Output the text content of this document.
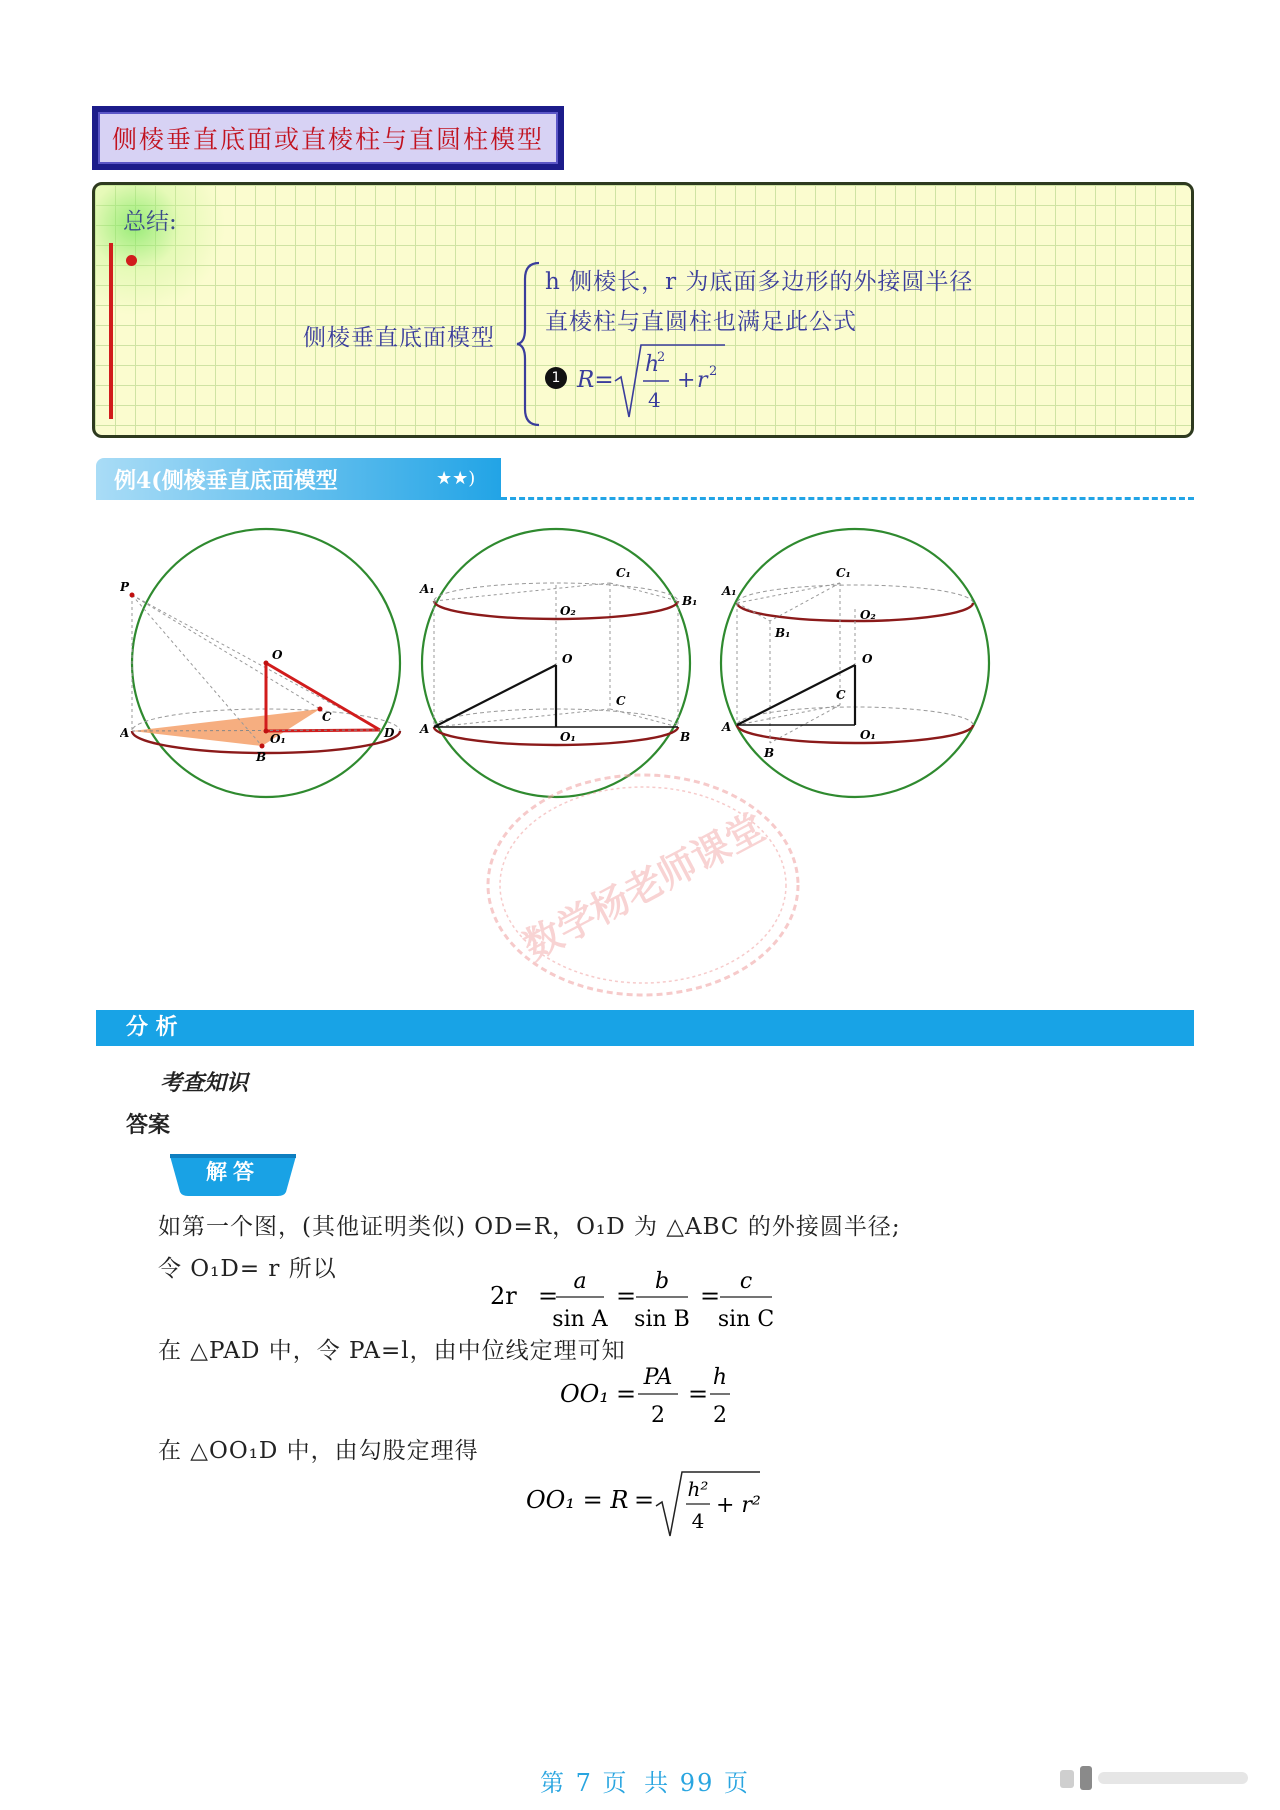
侧棱垂直底面或直棱柱与直圆柱模型
总结:
侧棱垂直底面模型
h 侧棱长，r 为底面多边形的外接圆半径
直棱柱与直圆柱也满足此公式
1 R=
h
2
4
+ r 2
例4(侧棱垂直底面模型	★★)
P
O
C
A	O₁	D
B
A₁
C₁
O₂
B₁
O
C
A
O₁	B
A₁
C₁
O₂
B₁
O
C
A
O₁
B
数学杨老师课堂
分 析
考查知识
答案
解答
如第一个图，(其他证明类似) OD=R，O₁D 为 △ABC 的外接圆半径;
令 O₁D= r 所以
2r =
a
sin A
=
b
sin B
=
c
sin C
在 △PAD 中，令 PA=l，由中位线定理可知
OO₁ =
PA
2
=
h
2
在 △OO₁D 中，由勾股定理得
OO₁ = R = h²
4
+ r²
第 7 页 共 99 页
